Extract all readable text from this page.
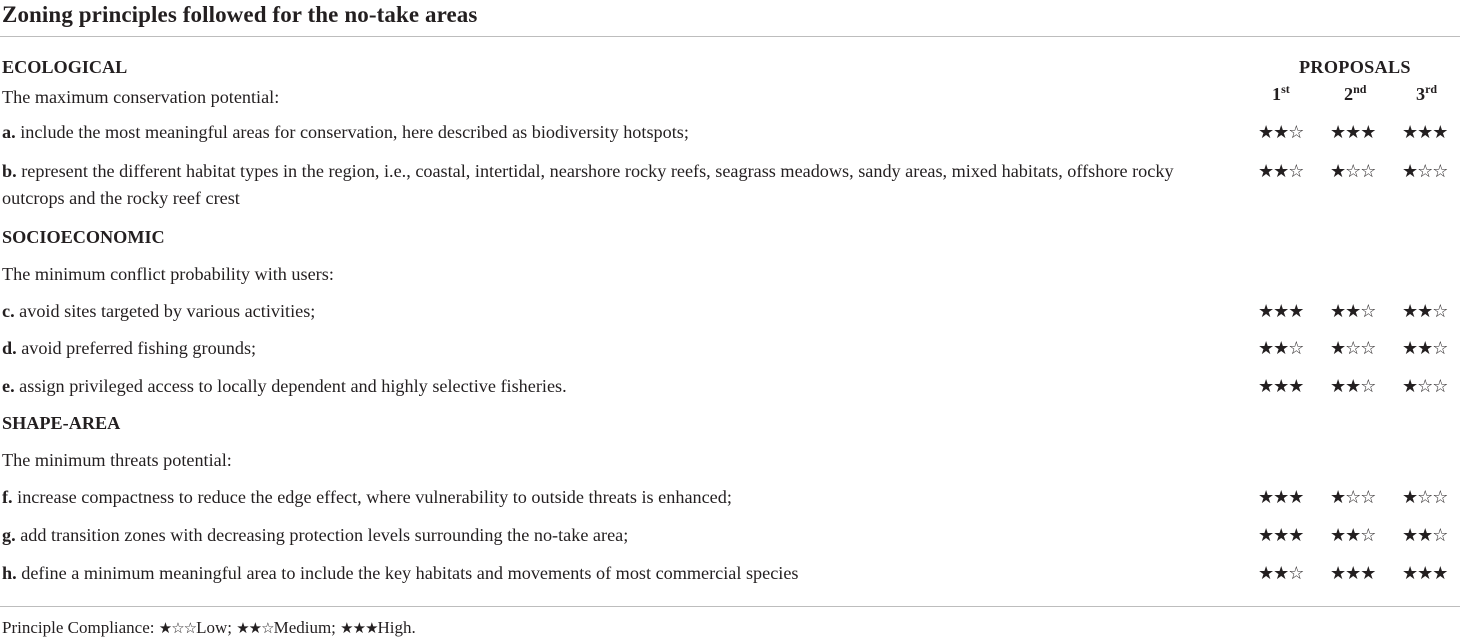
Zoning principles followed for the no-take areas
PROPOSALS
1st	2nd	3rd
ECOLOGICAL
The maximum conservation potential:
a. include the most meaningful areas for conservation, here described as biodiversity hotspots;	★★☆	★★★	★★★
b. represent the different habitat types in the region, i.e., coastal, intertidal, nearshore rocky reefs, seagrass meadows, sandy areas, mixed habitats, offshore rocky outcrops and the rocky reef crest
★★☆	★☆☆	★☆☆
SOCIOECONOMIC
The minimum conflict probability with users:
c. avoid sites targeted by various activities;	★★★	★★☆	★★☆
d. avoid preferred fishing grounds;	★★☆	★☆☆	★★☆
e. assign privileged access to locally dependent and highly selective fisheries.	★★★	★★☆	★☆☆
SHAPE-AREA
The minimum threats potential:
f. increase compactness to reduce the edge effect, where vulnerability to outside threats is enhanced;	★★★	★☆☆	★☆☆
g. add transition zones with decreasing protection levels surrounding the no-take area;	★★★	★★☆	★★☆
h. define a minimum meaningful area to include the key habitats and movements of most commercial species	★★☆	★★★	★★★
Principle Compliance: ★☆☆Low; ★★☆Medium; ★★★High.
